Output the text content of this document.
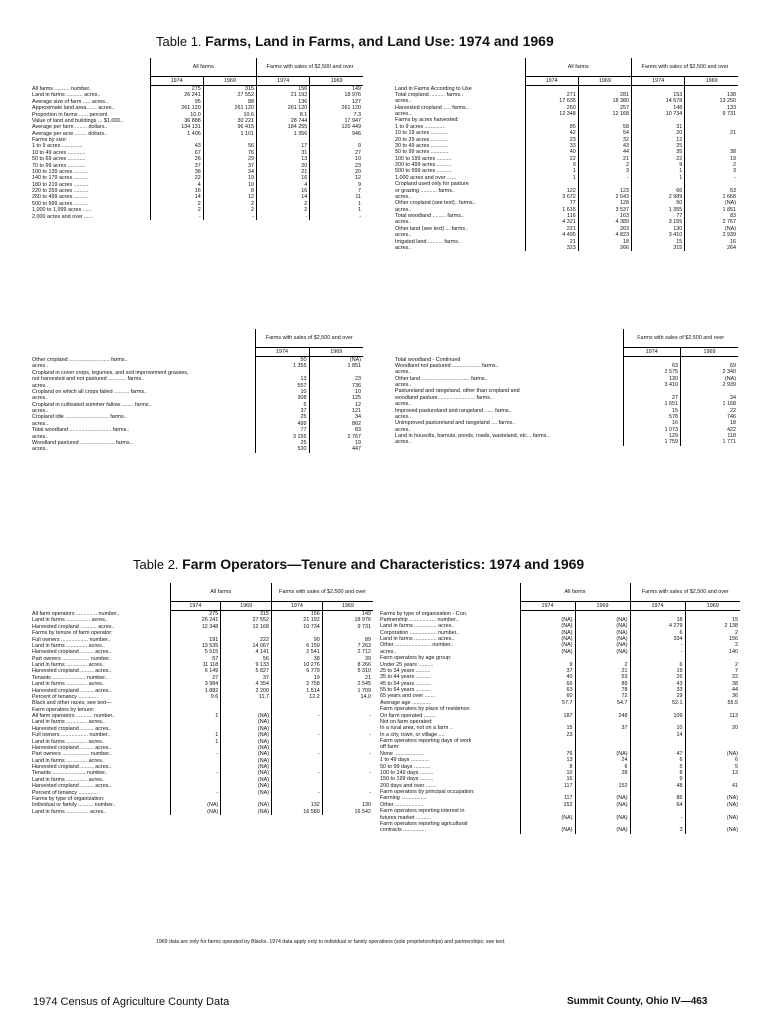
Table 1. Farms, Land in Farms, and Land Use: 1974 and 1969
	All farms		Farms with sales of $2,500 and over	
	1974	1969	1974	1969
All farms .......... number..	275	315	156	149
Land in farms ........... acres..	26 241	27 552	21 192	18 976
Average size of farm ..... acres..	95	88	136	127
Approximate land area....... acres..	261 120	261 120	261 120	261 120
Proportion in farms ...... percent	10.0	10.6	8.1	7.3
Value of land and buildings ... $1,000..	36 888	30 221	28 744	17 947
Average per farm ........ dollars..	134 131	96 415	184 255	120 449
Average per acre ........ dollars..	1 406	1 101	1 356	946
Farms by size:				
1 to 9 acres ..............	43	56	17	9
10 to 49 acres ............	67	76	31	27
50 to 69 acres ............	26	29	13	10
70 to 99 acres ............	37	37	20	23
100 to 139 acres ..........	38	34	21	20
140 to 179 acres ..........	22	19	16	12
180 to 219 acres ..........	4	10	4	9
220 to 259 acres ..........	16	8	16	7
260 to 499 acres ..........	14	12	14	11
500 to 999 acres ..........	2	2	2	1
1,000 to 1,999 acres ......	2	2	2	1
2,000 acres and over ......	-	-	-	-
	All farms		Farms with sales of $2,500 and over	
	1974	1969	1974	1969
Land in Farms According to Use				
Total cropland .......... farms..	271	281	153	138
acres..	17 635	18 380	14 678	13 250
Harvested cropland ..... farms..	260	257	148	133
acres..	12 348	12 168	10 734	9 731
Farms by acres harvested:				
1 to 9 acres ..............	85	58	31	
10 to 19 acres ............	42	54	20	21
20 to 29 acres ............	23	32	12	
30 to 49 acres ............	33	43	25	
50 to 99 acres ............	40	44	35	38
100 to 199 acres ..........	22	21	22	19
200 to 499 acres ..........	9	2	9	2
500 to 999 acres ..........	1	3	1	3
1,000 acres and over ......	1	-	1	-
Cropland used only for pasture				
or grazing ........... farms..	122	123	66	53
acres..	3 672	2 643	2 989	1 668
Other cropland (see text).. farms..	77	128	50	(NA)
acres..	1 615	3 537	1 355	1 851
Total woodland ......... farms..	116	163	77	83
acres..	4 321	4 389	3 155	2 767
Other land (see text) ... farms..	221	263	130	(NA)
acres..	4 495	4 823	3 410	2 939
Irrigated land .......... farms..	21	18	15	16
acres..	323	266	315	264
	Farms with sales of $2,500 and over	
	1974	1969
Other cropland ........................... farms..	50	(NA)
acres..	1 355	1 851
Cropland in cover crops, legumes, and soil improvement grasses,		
not harvested and not pastured ............ farms..	13	23
acres..	557	736
Cropland on which all crops failed .......... farms..	10	10
acres..	308	125
Cropland in cultivated summer fallow ........ farms..	5	12
acres..	37	121
Cropland idle ............................. farms..	25	34
acres..	499	862
Total woodland ............................ farms..	77	83
acres..	3 155	2 767
Woodland pastured ....................... farms..	25	19
acres..	530	447
	Farms with sales of $2,500 and over	
	1974	1969
Total woodland - Continued		
Woodland not pastured ................... farms..	63	69
acres..	2 575	2 340
Other land ................................ farms..	130	(NA)
acres..	3 410	2 939
Pastureland and rangeland, other than cropland and		
woodland pasture ........................ farms..	27	34
acres..	1 651	1 168
Improved pastureland and rangeland ...... farms..	15	22
acres..	578	746
Unimproved pastureland and rangeland .... farms..	16	18
acres..	1 073	422
Land in housolts, barnuts, ponds, roads, wasteland, etc... farms..	129	118
acres..	1 759	1 771
Table 2. Farm Operators—Tenure and Characteristics: 1974 and 1969
	All farms		Farms with sales of $2,500 and over	
	1974	1969	1974	1969
All farm operators .............. number..	275	315	156	149
Land in farms ................ acres..	26 241	27 552	21 192	18 976
Harvested cropland ........... acres..	12 348	12 168	10 734	9 731
Farms by tenure of farm operator:				
Full owners .................. number..	191	222	90	89
Land in farms .............. acres..	13 535	14 067	6 159	7 263
Harvested cropland ......... acres..	5 515	4 141	2 541	2 712
Part owners .................. number..	57	56	38	39
Land in farms .............. acres..	11 118	9 133	10 276	8 266
Harvested cropland ......... acres..	6 149	5 827	6 779	5 310
Tenants ...................... number..	27	37	19	21
Land in farms .............. acres..	3 984	4 354	2 758	2 545
Harvested cropland ......... acres..	1 882	2 200	1 514	1 709
Percent of tenancy .............	9.6	11.7	12.2	14.0
Black and other races, see text—				
Farm operators by tenure:				
All farm operators ........... number..	1	(NA)	-	-
Land in farms .............. acres..		(NA)		
Harvested cropland ......... acres..		(NA)		
Full owners .................. number..	1	(NA)	-	-
Land in farms .............. acres..	1	(NA)		
Harvested cropland ......... acres..		(NA)		
Part owners .................. number..	-	(NA)	-	-
Land in farms .............. acres..		(NA)		
Harvested cropland ......... acres..		(NA)		
Tenants ...................... number..	-	(NA)	-	-
Land in farms .............. acres..		(NA)		
Harvested cropland ......... acres..		(NA)		
Percent of tenancy .............	-	(NA)	-	-
Farms by type of organization:				
Individual or family .......... number..	(NA)	(NA)	132	130
Land in farms ............... acres..	(NA)	(NA)	16 580	16 542
	All farms		Farms with sales of $2,500 and over	
	1974	1969	1974	1969
Farms by type of organization - Con.				
Partnership .................. number..	(NA)	(NA)	18	15
Land in farms ............... acres..	(NA)	(NA)	4 279	2 138
Corporation .................. number..	(NA)	(NA)	6	2
Land in farms ............... acres..	(NA)	(NA)	334	156
Other ........................ number..	(NA)	(NA)	-	2
acres..	(NA)	(NA)	-	140
Farm operators by age group:				
Under 25 years ..........	9	2	6	2
25 to 34 years ..........	37	21	19	7
35 to 44 years ..........	40	53	26	22
45 to 54 years ..........	66	89	43	38
55 to 64 years ..........	63	78	33	44
65 years and over .......	60	72	29	36
Average age .............	57.7	54.7	52.1	55.5
Farm operators by place of residence:				
On farm operated ........	187	248	109	113
Not on farm operated:				
In a rural area, not on a farm ..	15	37	10	20
In a city, town, or village ....	23		14	
Farm operators reporting days of work				
off farm:				
None ....................	76	(NA)	47	(NA)
1 to 49 days ............	13	24	6	6
50 to 99 days ...........	8	6	5	5
100 to 149 days .........	10	28	8	13
150 to 199 days .........	16		9	
200 days and over .......	117	152	48	41
Farm operators by principal occupation:				
Farming .................	117	(NA)	86	(NA)
Other ...................	152	(NA)	64	(NA)
Farm operators reporting interest in				
futures market ..........	(NA)	(NA)	-	(NA)
Farm operators reporting agricultural				
contracts ...............	(NA)	(NA)	3	(NA)
1969 data are only for farms operated by Blacks. 1974 data apply only to individual or family operations (sole proprietorships) and partnerships; see text.
1974 Census of Agriculture County Data	Summit County, Ohio IV—463
